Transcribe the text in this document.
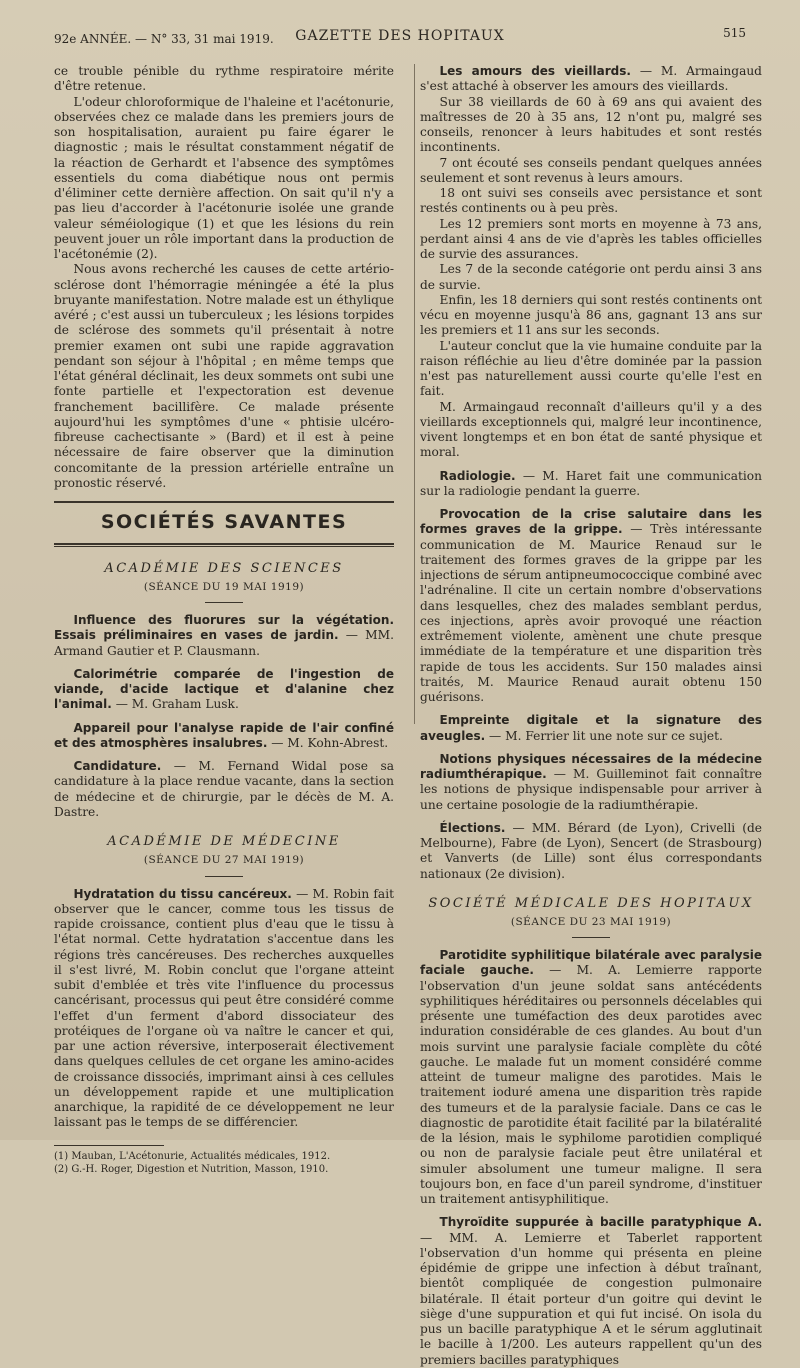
92e ANNÉE. — N° 33, 31 mai 1919.	GAZETTE DES HOPITAUX	515

ce trouble pénible du rythme respiratoire mérite d'être retenue.

L'odeur chloroformique de l'haleine et l'acétonurie, observées chez ce malade dans les premiers jours de son hospitalisation, auraient pu faire égarer le diagnostic ; mais le résultat constamment négatif de la réaction de Gerhardt et l'absence des symptômes essentiels du coma diabétique nous ont permis d'éliminer cette dernière affection. On sait qu'il n'y a pas lieu d'accorder à l'acétonurie isolée une grande valeur séméiologique (1) et que les lésions du rein peuvent jouer un rôle important dans la production de l'acétonémie (2).

Nous avons recherché les causes de cette artério-sclérose dont l'hémorragie méningée a été la plus bruyante manifestation. Notre malade est un éthylique avéré ; c'est aussi un tuberculeux ; les lésions torpides de sclérose des sommets qu'il présentait à notre premier examen ont subi une rapide aggravation pendant son séjour à l'hôpital ; en même temps que l'état général déclinait, les deux sommets ont subi une fonte partielle et l'expectoration est devenue franchement bacillifère. Ce malade présente aujourd'hui les symptômes d'une « phtisie ulcéro-fibreuse cachectisante » (Bard) et il est à peine nécessaire de faire observer que la diminution concomitante de la pression artérielle entraîne un pronostic réservé.

SOCIÉTÉS SAVANTES
ACADÉMIE DES SCIENCES
(SÉANCE DU 19 MAI 1919)

Influence des fluorures sur la végétation. Essais préliminaires en vases de jardin. — MM. Armand Gautier et P. Clausmann.

Calorimétrie comparée de l'ingestion de viande, d'acide lactique et d'alanine chez l'animal. — M. Graham Lusk.

Appareil pour l'analyse rapide de l'air confiné et des atmosphères insalubres. — M. Kohn-Abrest.

Candidature. — M. Fernand Widal pose sa candidature à la place rendue vacante, dans la section de médecine et de chirurgie, par le décès de M. A. Dastre.

ACADÉMIE DE MÉDECINE
(SÉANCE DU 27 MAI 1919)

Hydratation du tissu cancéreux. — M. Robin fait observer que le cancer, comme tous les tissus de rapide croissance, contient plus d'eau que le tissu à l'état normal. Cette hydratation s'accentue dans les régions très cancéreuses. Des recherches auxquelles il s'est livré, M. Robin conclut que l'organe atteint subit d'emblée et très vite l'influence du processus cancérisant, processus qui peut être considéré comme l'effet d'un ferment d'abord dissociateur des protéiques de l'organe où va naître le cancer et qui, par une action réversive, interposerait électivement dans quelques cellules de cet organe les amino-acides de croissance dissociés, imprimant ainsi à ces cellules un développement rapide et une multiplication anarchique, la rapidité de ce développement ne leur laissant pas le temps de se différencier.

(1) Mauban, L'Acétonurie, Actualités médicales, 1912.

(2) G.-H. Roger, Digestion et Nutrition, Masson, 1910.

Les amours des vieillards. — M. Armaingaud s'est attaché à observer les amours des vieillards.

Sur 38 vieillards de 60 à 69 ans qui avaient des maîtresses de 20 à 35 ans, 12 n'ont pu, malgré ses conseils, renoncer à leurs habitudes et sont restés incontinents.

7 ont écouté ses conseils pendant quelques années seulement et sont revenus à leurs amours.

18 ont suivi ses conseils avec persistance et sont restés continents ou à peu près.

Les 12 premiers sont morts en moyenne à 73 ans, perdant ainsi 4 ans de vie d'après les tables officielles de survie des assurances.

Les 7 de la seconde catégorie ont perdu ainsi 3 ans de survie.

Enfin, les 18 derniers qui sont restés continents ont vécu en moyenne jusqu'à 86 ans, gagnant 13 ans sur les premiers et 11 ans sur les seconds.

L'auteur conclut que la vie humaine conduite par la raison réfléchie au lieu d'être dominée par la passion n'est pas naturellement aussi courte qu'elle l'est en fait.

M. Armaingaud reconnaît d'ailleurs qu'il y a des vieillards exceptionnels qui, malgré leur incontinence, vivent longtemps et en bon état de santé physique et moral.

Radiologie. — M. Haret fait une communication sur la radiologie pendant la guerre.

Provocation de la crise salutaire dans les formes graves de la grippe. — Très intéressante communication de M. Maurice Renaud sur le traitement des formes graves de la grippe par les injections de sérum antipneumococcique combiné avec l'adrénaline. Il cite un certain nombre d'observations dans lesquelles, chez des malades semblant perdus, ces injections, après avoir provoqué une réaction extrêmement violente, amènent une chute presque immédiate de la température et une disparition très rapide de tous les accidents. Sur 150 malades ainsi traités, M. Maurice Renaud aurait obtenu 150 guérisons.

Empreinte digitale et la signature des aveugles. — M. Ferrier lit une note sur ce sujet.

Notions physiques nécessaires de la médecine radiumthérapique. — M. Guilleminot fait connaître les notions de physique indispensable pour arriver à une certaine posologie de la radiumthérapie.

Élections. — MM. Bérard (de Lyon), Crivelli (de Melbourne), Fabre (de Lyon), Sencert (de Strasbourg) et Vanverts (de Lille) sont élus correspondants nationaux (2e division).

SOCIÉTÉ MÉDICALE DES HOPITAUX
(SÉANCE DU 23 MAI 1919)

Parotidite syphilitique bilatérale avec paralysie faciale gauche. — M. A. Lemierre rapporte l'observation d'un jeune soldat sans antécédents syphilitiques héréditaires ou personnels décelables qui présente une tuméfaction des deux parotides avec induration considérable de ces glandes. Au bout d'un mois survint une paralysie faciale complète du côté gauche. Le malade fut un moment considéré comme atteint de tumeur maligne des parotides. Mais le traitement ioduré amena une disparition très rapide des tumeurs et de la paralysie faciale. Dans ce cas le diagnostic de parotidite était facilité par la bilatéralité de la lésion, mais le syphilome parotidien compliqué ou non de paralysie faciale peut être unilatéral et simuler absolument une tumeur maligne. Il sera toujours bon, en face d'un pareil syndrome, d'instituer un traitement antisyphilitique.

Thyroïdite suppurée à bacille paratyphique A. — MM. A. Lemierre et Taberlet rapportent l'observation d'un homme qui présenta en pleine épidémie de grippe une infection à début traînant, bientôt compliquée de congestion pulmonaire bilatérale. Il était porteur d'un goitre qui devint le siège d'une suppuration et qui fut incisé. On isola du pus un bacille paratyphique A et le sérum agglutinait le bacille à 1/200. Les auteurs rappellent qu'un des premiers bacilles paratyphiques
